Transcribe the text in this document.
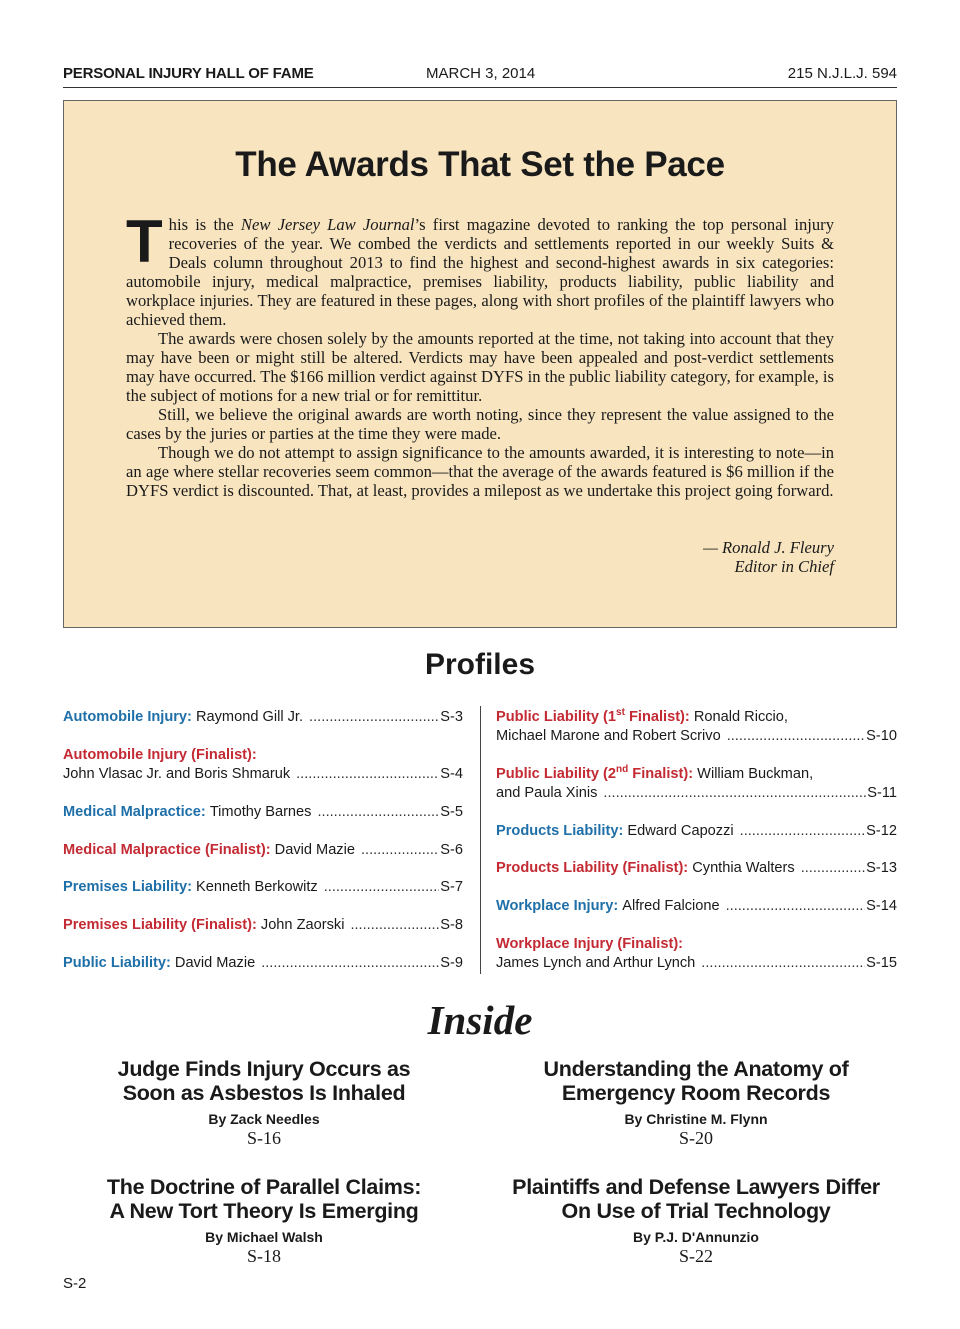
PERSONAL INJURY HALL OF FAME	MARCH 3, 2014	215 N.J.L.J. 594
The Awards That Set the Pace

This is the New Jersey Law Journal’s first magazine devoted to ranking the top personal injury recoveries of the year. We combed the verdicts and settlements reported in our weekly Suits & Deals column throughout 2013 to find the highest and second-highest awards in six categories: automobile injury, medical malpractice, premises liability, products liability, public liability and workplace injuries. They are featured in these pages, along with short profiles of the plaintiff lawyers who achieved them.

The awards were chosen solely by the amounts reported at the time, not taking into account that they may have been or might still be altered. Verdicts may have been appealed and post-verdict settlements may have occurred. The $166 million verdict against DYFS in the public liability category, for example, is the subject of motions for a new trial or for remittitur.

Still, we believe the original awards are worth noting, since they represent the value assigned to the cases by the juries or parties at the time they were made.

Though we do not attempt to assign significance to the amounts awarded, it is interesting to note—in an age where stellar recoveries seem common—that the average of the awards featured is $6 million if the DYFS verdict is discounted. That, at least, provides a milepost as we undertake this project going forward.

— Ronald J. Fleury
Editor in Chief
Profiles
Automobile Injury:
Raymond Gill Jr. .....	S-3
Automobile Injury (Finalist):
John Vlasac Jr. and Boris Shmaruk .....	S-4
Medical Malpractice:
Timothy Barnes .....	S-5
Medical Malpractice (Finalist):
David Mazie .....	S-6
Premises Liability:
Kenneth Berkowitz .....	S-7
Premises Liability (Finalist):
John Zaorski .....	S-8
Public Liability:
David Mazie .....	S-9
Public Liability (1st Finalist):
Ronald Riccio,
Michael Marone and Robert Scrivo .....	S-10
Public Liability (2nd Finalist):
William Buckman,
and Paula Xinis .....	S-11
Products Liability:
Edward Capozzi .....	S-12
Products Liability (Finalist):
Cynthia Walters .....	S-13
Workplace Injury:
Alfred Falcione .....	S-14
Workplace Injury (Finalist):
James Lynch and Arthur Lynch .....	S-15
Inside
Judge Finds Injury Occurs as
Soon as Asbestos Is Inhaled
By Zack Needles
S-16
Understanding the Anatomy of
Emergency Room Records
By Christine M. Flynn
S-20
The Doctrine of Parallel Claims:
A New Tort Theory Is Emerging
By Michael Walsh
S-18
Plaintiffs and Defense Lawyers Differ
On Use of Trial Technology
By P.J. D'Annunzio
S-22
S-2
